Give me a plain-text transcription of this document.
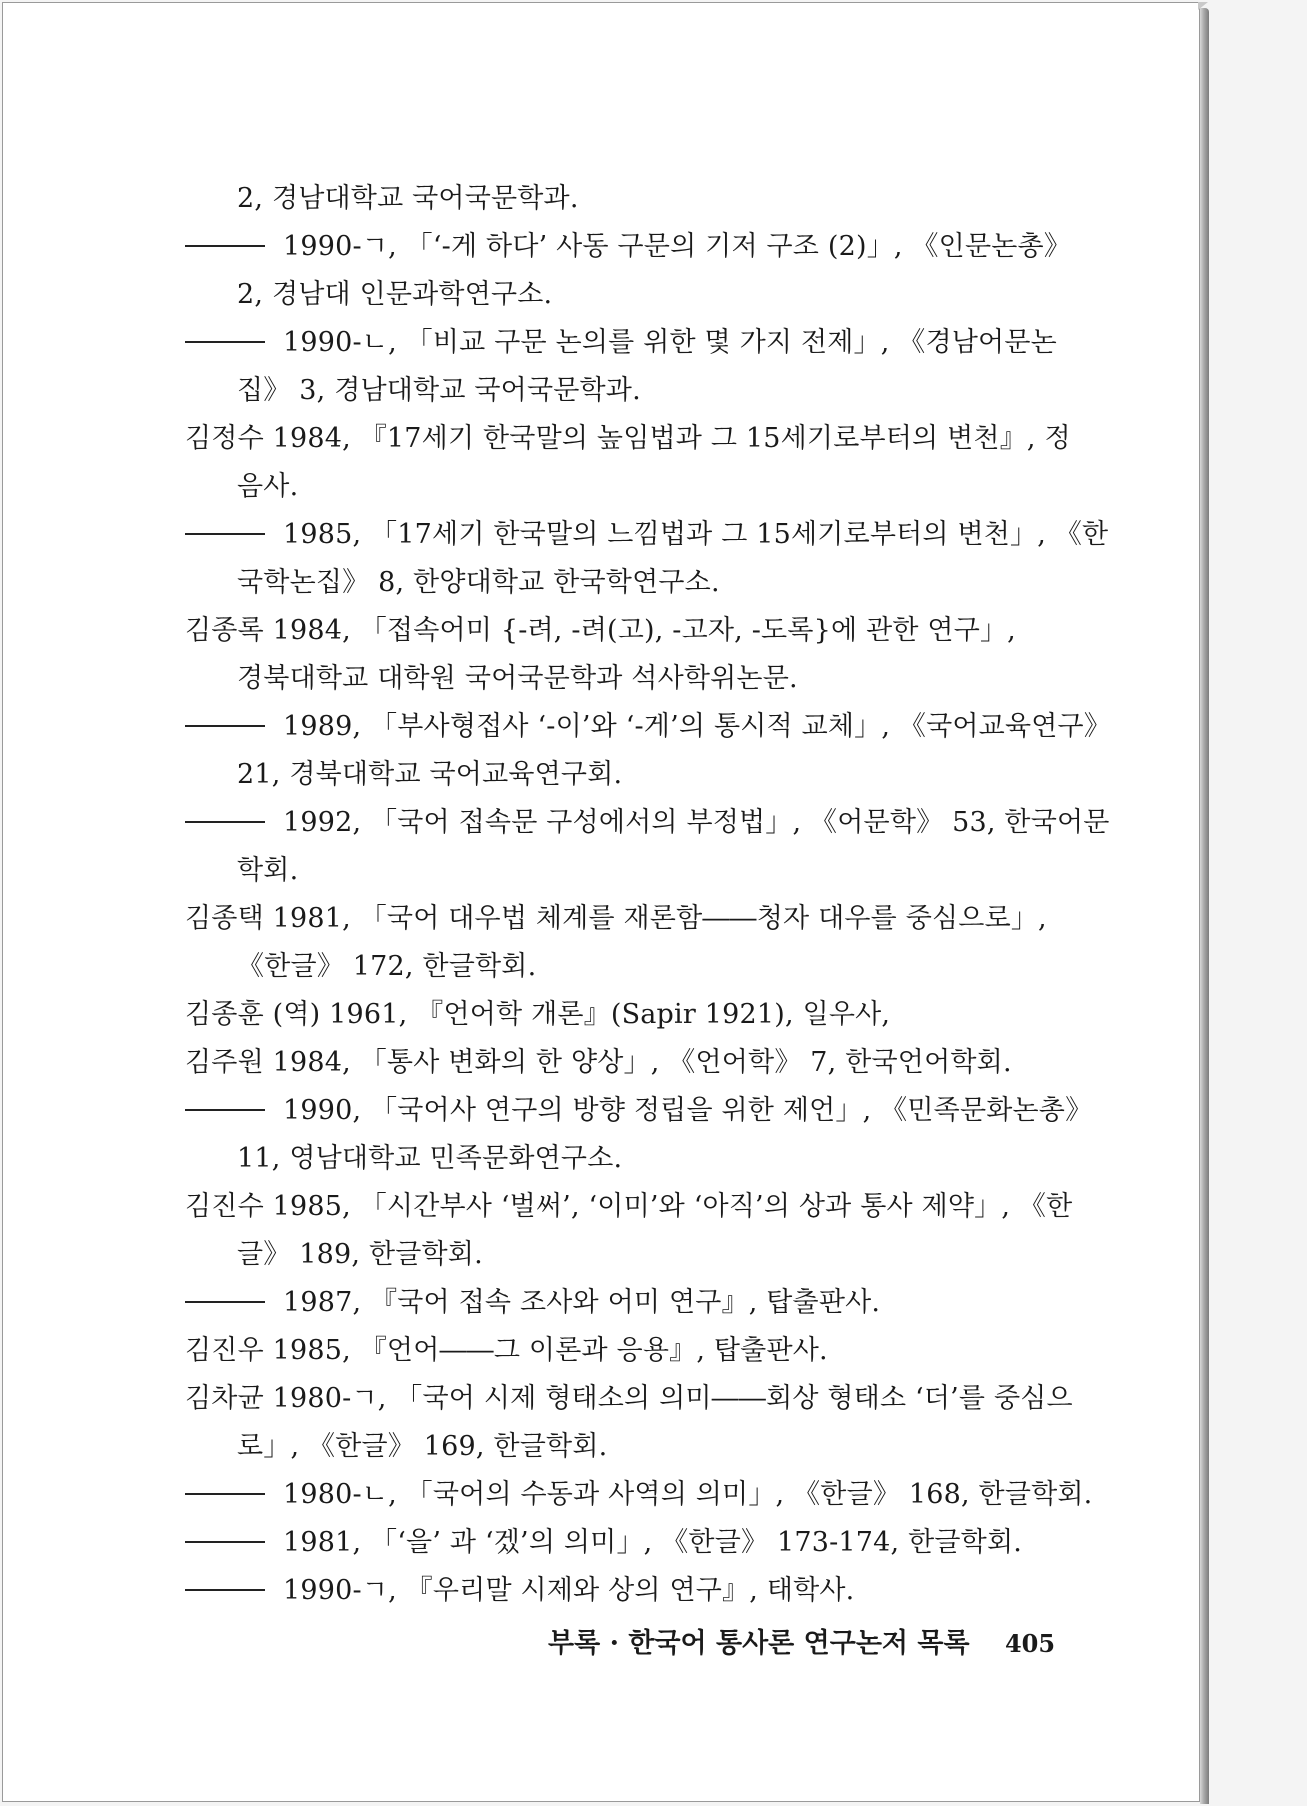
2, 경남대학교 국어국문학과.
1990-ㄱ, 「‘-게 하다’ 사동 구문의 기저 구조 (2)」, 《인문논총》
2, 경남대 인문과학연구소.
1990-ㄴ, 「비교 구문 논의를 위한 몇 가지 전제」, 《경남어문논
집》 3, 경남대학교 국어국문학과.
김정수 1984, 『17세기 한국말의 높임법과 그 15세기로부터의 변천』, 정
음사.
1985, 「17세기 한국말의 느낌법과 그 15세기로부터의 변천」, 《한
국학논집》 8, 한양대학교 한국학연구소.
김종록 1984, 「접속어미 {-려, -려(고), -고자, -도록}에 관한 연구」,
경북대학교 대학원 국어국문학과 석사학위논문.
1989, 「부사형접사 ‘-이’와 ‘-게’의 통시적 교체」, 《국어교육연구》
21, 경북대학교 국어교육연구회.
1992, 「국어 접속문 구성에서의 부정법」, 《어문학》 53, 한국어문
학회.
김종택 1981, 「국어 대우법 체계를 재론함――청자 대우를 중심으로」,
《한글》 172, 한글학회.
김종훈 (역) 1961, 『언어학 개론』(Sapir 1921), 일우사,
김주원 1984, 「통사 변화의 한 양상」, 《언어학》 7, 한국언어학회.
1990, 「국어사 연구의 방향 정립을 위한 제언」, 《민족문화논총》
11, 영남대학교 민족문화연구소.
김진수 1985, 「시간부사 ‘벌써’, ‘이미’와 ‘아직’의 상과 통사 제약」, 《한
글》 189, 한글학회.
1987, 『국어 접속 조사와 어미 연구』, 탑출판사.
김진우 1985, 『언어――그 이론과 응용』, 탑출판사.
김차균 1980-ㄱ, 「국어 시제 형태소의 의미――회상 형태소 ‘더’를 중심으
로」, 《한글》 169, 한글학회.
1980-ㄴ, 「국어의 수동과 사역의 의미」, 《한글》 168, 한글학회.
1981, 「‘을’ 과 ‘겠’의 의미」, 《한글》 173-174, 한글학회.
1990-ㄱ, 『우리말 시제와 상의 연구』, 태학사.
부록 · 한국어 통사론 연구논저 목록 405
